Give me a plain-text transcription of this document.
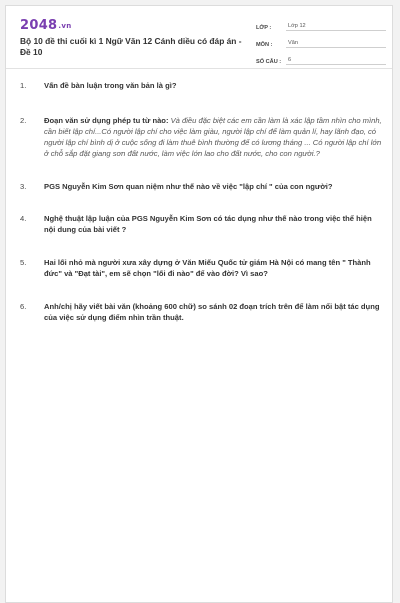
2048.vn
Bộ 10 đề thi cuối kì 1 Ngữ Văn 12 Cánh diều có đáp án - Đề 10
LỚP :	Lớp 12
MÔN :	Văn
SỐ CÂU :	6
1.	Vấn đề bàn luận trong văn bản là gì?
2.	Đoạn văn sử dụng phép tu từ nào: Và điều đặc biệt các em cần làm là xác lập tầm nhìn cho mình, cần biết lập chí...Có người lập chí cho việc làm giàu, người lập chí để làm quản lí, hay lãnh đạo, có người lập chí bình dị ở cuộc sống đi làm thuê bình thường để có lương tháng ... Có người lập chí lớn ở chỗ sắp đặt giang sơn đất nước, làm việc lớn lao cho đất nước, cho con người.?
3.	PGS Nguyễn Kim Sơn quan niệm như thế nào về việc "lập chí " của con người?
4.	Nghệ thuật lập luận của PGS Nguyễn Kim Sơn có tác dụng như thế nào trong việc thể hiện nội dung của bài viết ?
5.	Hai lối nhỏ mà người xưa xây dựng ở Văn Miếu Quốc tử giám Hà Nội có mang tên " Thành đức" và "Đạt tài", em sẽ chọn "lối đi nào" để vào đời? Vì sao?
6.	Anh/chị hãy viết bài văn (khoảng 600 chữ) so sánh 02 đoạn trích trên để làm nổi bật tác dụng của việc sử dụng điểm nhìn trần thuật.
